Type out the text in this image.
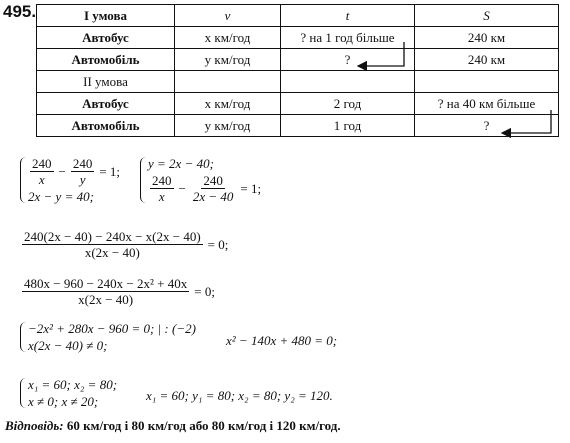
495.	I умова	v	t	S
Автобус	x км/год	? на 1 год більше	240 км
Автомобіль	y км/год	?	240 км
II умова			
Автобус	x км/год	2 год	? на 40 км більше
Автомобіль	y км/год	1 год	?
$\frac{240}{x} - \frac{240}{y} = 1$;
2x − y = 40;
y = 2x − 40;
$\frac{240}{x} - \frac{240}{2x - 40} = 1$;
$\frac{240(2x - 40) - 240x - x(2x - 40)}{x(2x - 40)} = 0$;
$\frac{\text{480x − 960 − 240x − 2x² + 40x}}{x(2x - 40)} = 0$;
−2x² + 280x − 960 = 0; | : (−2)
x(2x − 40) ≠ 0;	x² − 140x + 480 = 0;
x₁ = 60; x₂ = 80;
x ≠ 0; x ≠ 20;	x₁ = 60; y₁ = 80; x₂ = 80; y₂ = 120.
Відповідь: 60 км/год і 80 км/год або 80 км/год і 120 км/год.
